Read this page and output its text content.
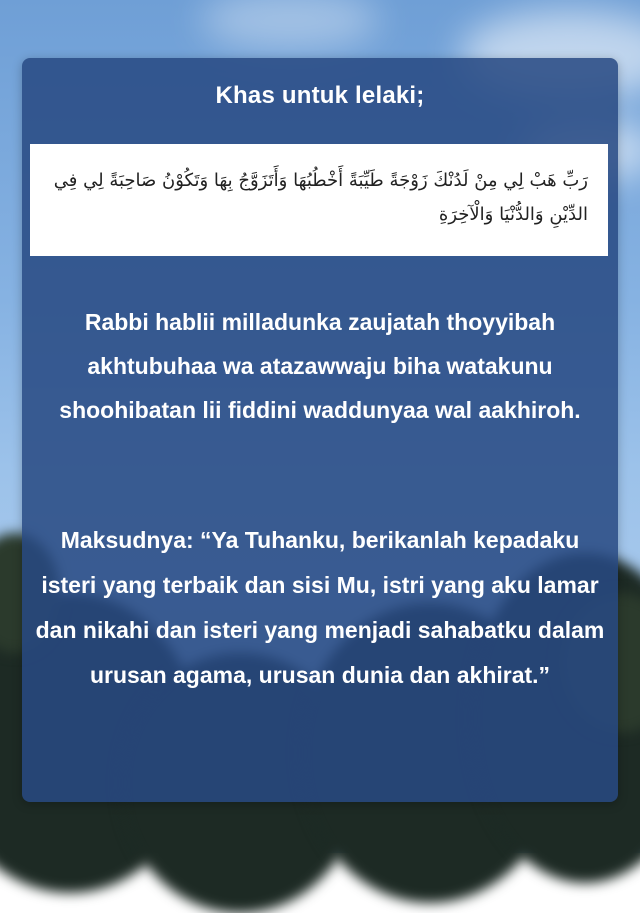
Khas untuk lelaki;
رَبِّ هَبْ لِي مِنْ لَدُنْكَ زَوْجَةً طَيِّبَةً أَخْطُبُهَا وَأَتَزَوَّجُ بِهَا وَتَكُوْنُ صَاحِبَةً لِي فِي الدِّيْنِ وَالدُّنْيَا وَالْآخِرَةِ
Rabbi hablii milladunka zaujatah thoyyibah akhtubuhaa wa atazawwaju biha watakunu shoohibatan lii fiddini waddunyaa wal aakhiroh.
Maksudnya: “Ya Tuhanku, berikanlah kepadaku isteri yang terbaik dan sisi Mu, istri yang aku lamar dan nikahi dan isteri yang menjadi sahabatku dalam urusan agama, urusan dunia dan akhirat.”
